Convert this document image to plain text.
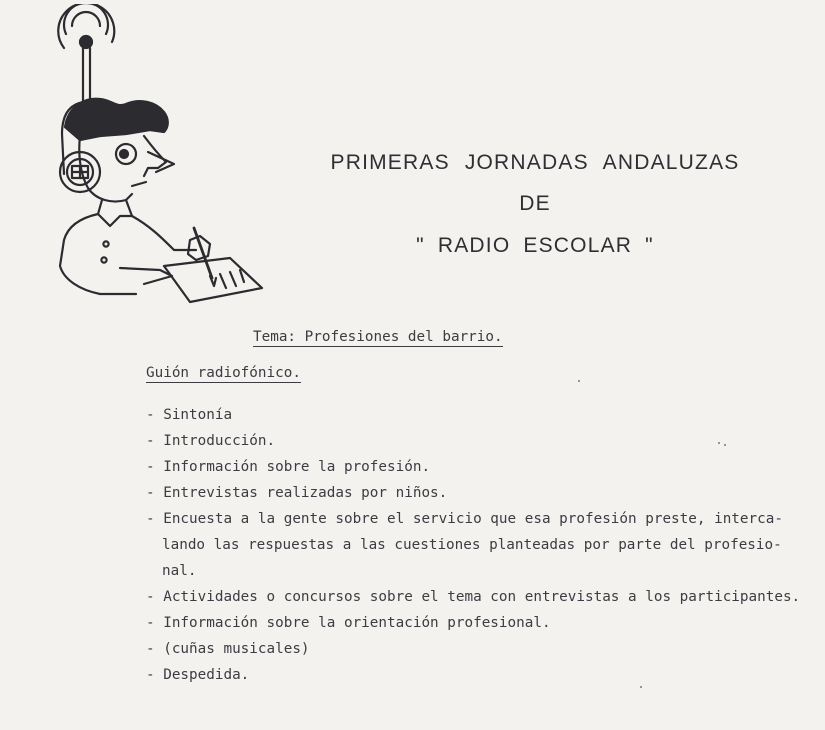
PRIMERAS JORNADAS ANDALUZAS
DE
" RADIO ESCOLAR "
Tema: Profesiones del barrio.
Guión radiofónico.
- Sintonía
- Introducción.
- Información sobre la profesión.
- Entrevistas realizadas por niños.
- Encuesta a la gente sobre el servicio que esa profesión preste, interca-
lando las respuestas a las cuestiones planteadas por parte del profesio-
nal.
- Actividades o concursos sobre el tema con entrevistas a los participantes.
- Información sobre la orientación profesional.
- (cuñas musicales)
- Despedida.
